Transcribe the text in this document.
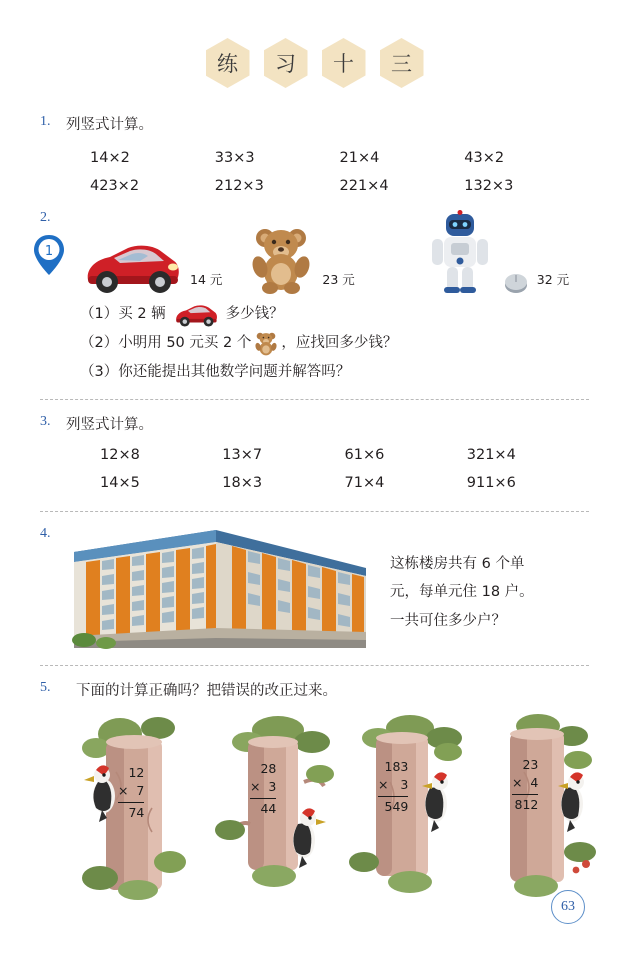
练 习 十 三
1
1.	列竖式计算。
14×2	33×3	21×4	43×2
423×2	212×3	221×4	132×3
2.
14 元	23 元	32 元
（1）买 2 辆	多少钱？
（2）小明用 50 元买 2 个 ，应找回多少钱？
（3）你还能提出其他数学问题并解答吗？
3.	列竖式计算。
12×8	13×7	61×6	321×4
14×5	18×3	71×4	911×6
4.
这栋楼房共有 6 个单
元，每单元住 18 户。
一共可住多少户？
5.	下面的计算正确吗？把错误的改正过来。
12
×  7
74
28
×  3
44
183
×   3
549
23
×  4
812
63
